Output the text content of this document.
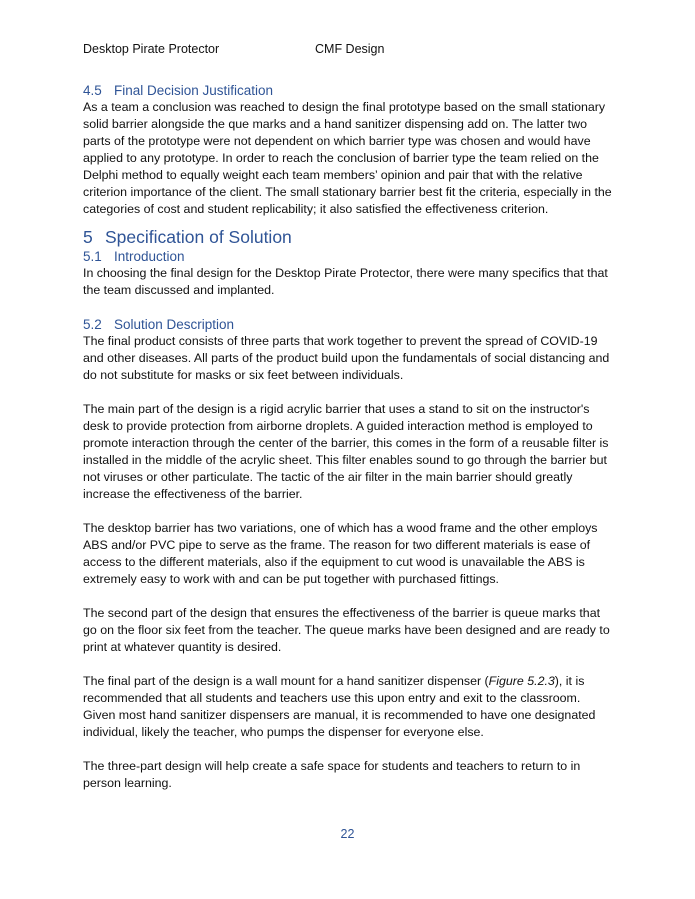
Desktop Pirate Protector	CMF Design
4.5 Final Decision Justification

As a team a conclusion was reached to design the final prototype based on the small stationary solid barrier alongside the que marks and a hand sanitizer dispensing add on. The latter two parts of the prototype were not dependent on which barrier type was chosen and would have applied to any prototype. In order to reach the conclusion of barrier type the team relied on the Delphi method to equally weight each team members’ opinion and pair that with the relative criterion importance of the client. The small stationary barrier best fit the criteria, especially in the categories of cost and student replicability; it also satisfied the effectiveness criterion.

5 Specification of Solution
5.1 Introduction

In choosing the final design for the Desktop Pirate Protector, there were many specifics that that the team discussed and implanted.

5.2 Solution Description

The final product consists of three parts that work together to prevent the spread of COVID-19 and other diseases. All parts of the product build upon the fundamentals of social distancing and do not substitute for masks or six feet between individuals.

The main part of the design is a rigid acrylic barrier that uses a stand to sit on the instructor's desk to provide protection from airborne droplets. A guided interaction method is employed to promote interaction through the center of the barrier, this comes in the form of a reusable filter is installed in the middle of the acrylic sheet. This filter enables sound to go through the barrier but not viruses or other particulate. The tactic of the air filter in the main barrier should greatly increase the effectiveness of the barrier.

The desktop barrier has two variations, one of which has a wood frame and the other employs ABS and/or PVC pipe to serve as the frame. The reason for two different materials is ease of access to the different materials, also if the equipment to cut wood is unavailable the ABS is extremely easy to work with and can be put together with purchased fittings.

The second part of the design that ensures the effectiveness of the barrier is queue marks that go on the floor six feet from the teacher. The queue marks have been designed and are ready to print at whatever quantity is desired.

The final part of the design is a wall mount for a hand sanitizer dispenser (Figure 5.2.3), it is recommended that all students and teachers use this upon entry and exit to the classroom. Given most hand sanitizer dispensers are manual, it is recommended to have one designated individual, likely the teacher, who pumps the dispenser for everyone else.

The three-part design will help create a safe space for students and teachers to return to in person learning.

22
